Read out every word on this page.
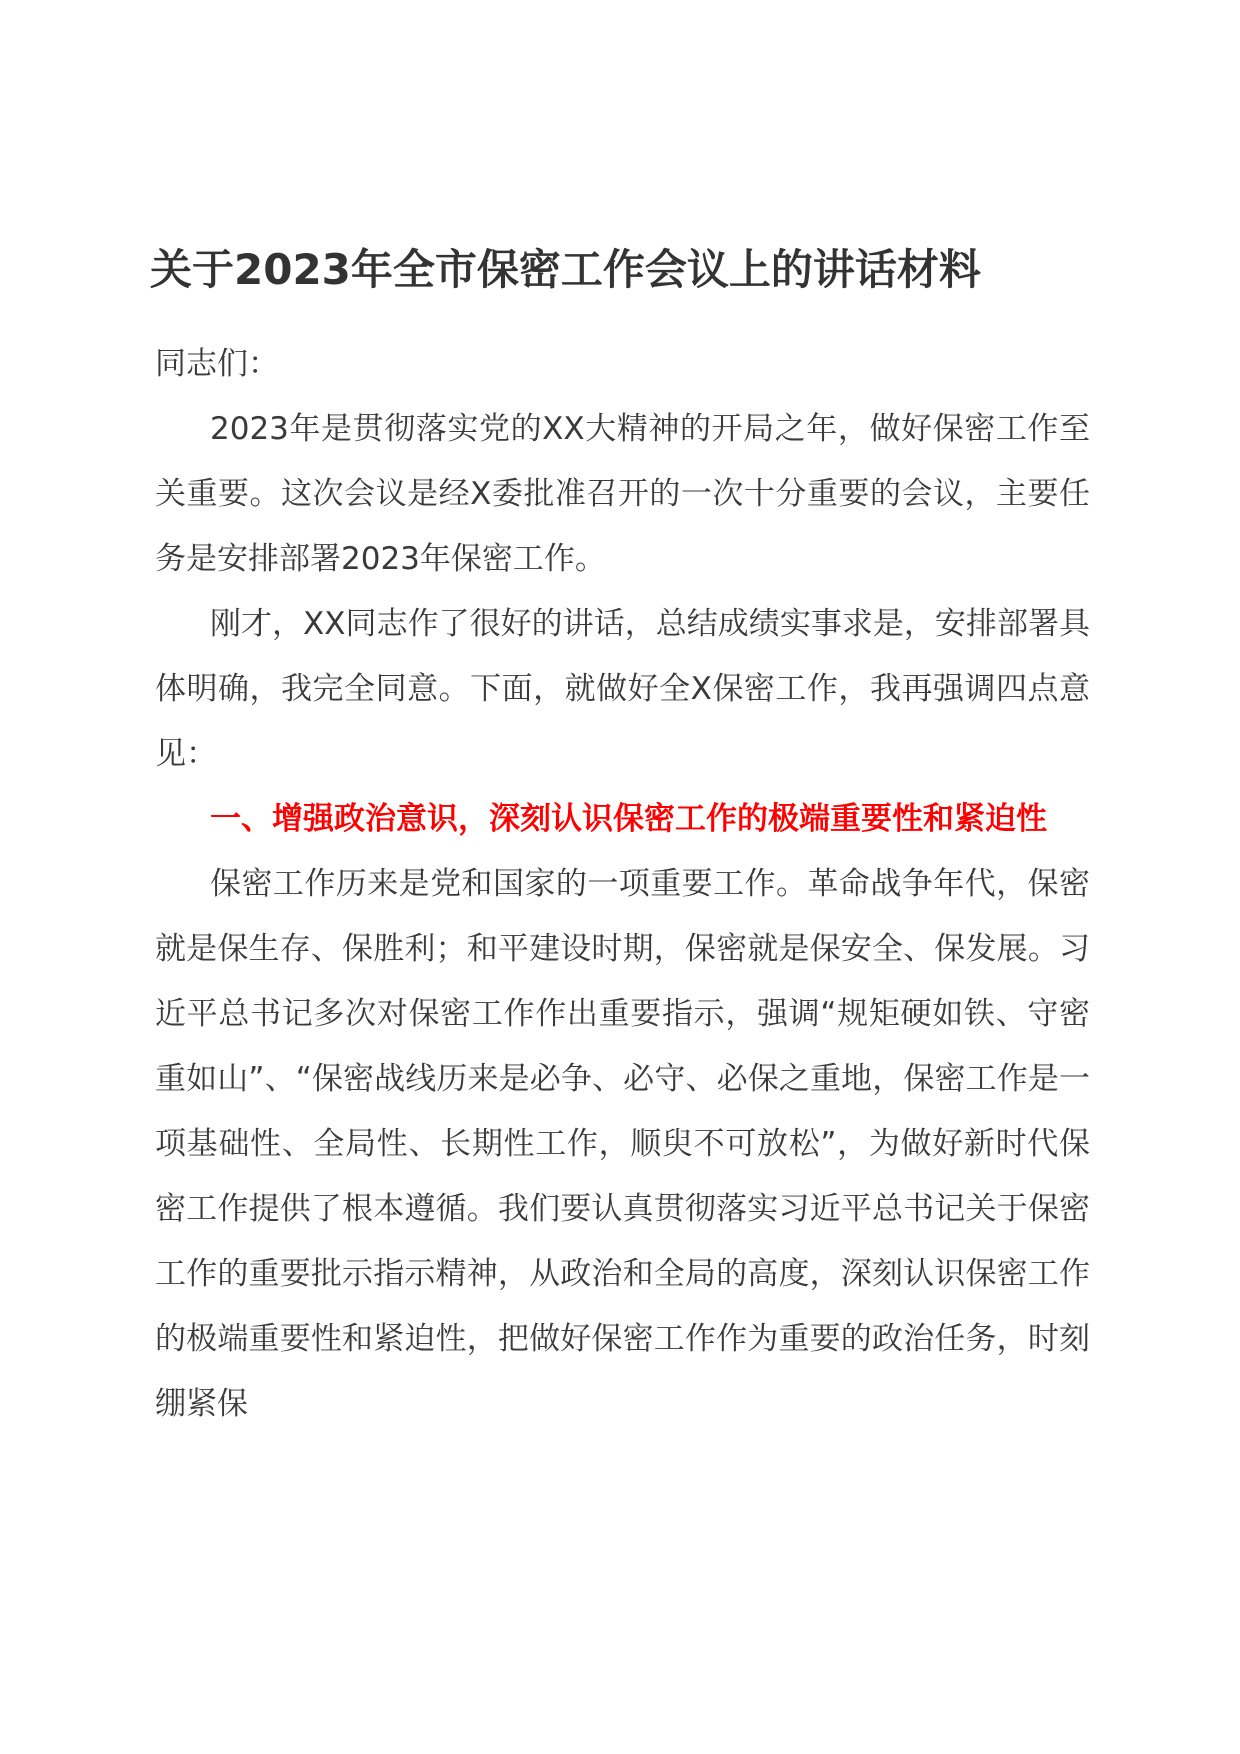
关于2023年全市保密工作会议上的讲话材料

同志们：

2023年是贯彻落实党的XX大精神的开局之年，做好保密工作至关重要。这次会议是经X委批准召开的一次十分重要的会议，主要任务是安排部署2023年保密工作。

刚才，XX同志作了很好的讲话，总结成绩实事求是，安排部署具体明确，我完全同意。下面，就做好全X保密工作，我再强调四点意见：

一、增强政治意识，深刻认识保密工作的极端重要性和紧迫性

保密工作历来是党和国家的一项重要工作。革命战争年代，保密就是保生存、保胜利；和平建设时期，保密就是保安全、保发展。习近平总书记多次对保密工作作出重要指示，强调“规矩硬如铁、守密重如山”、“保密战线历来是必争、必守、必保之重地，保密工作是一项基础性、全局性、长期性工作，顺臾不可放松”，为做好新时代保密工作提供了根本遵循。我们要认真贯彻落实习近平总书记关于保密工作的重要批示指示精神，从政治和全局的高度，深刻认识保密工作的极端重要性和紧迫性，把做好保密工作作为重要的政治任务，时刻绷紧保
